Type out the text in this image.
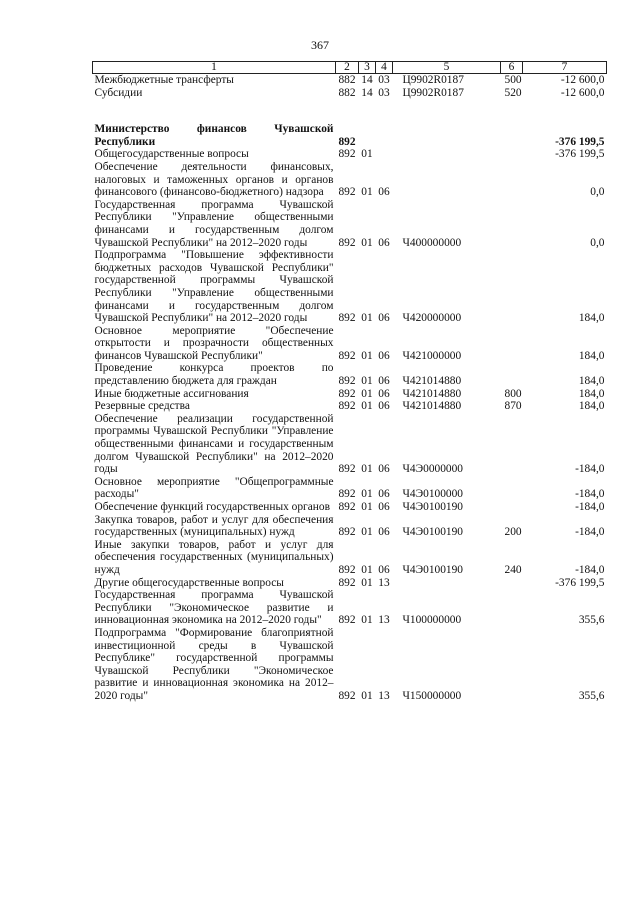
367
1	2	3	4	5	6	7
Межбюджетные трансферты	882	14	03	Ц9902R0187	500	-12 600,0
Субсидии	882	14	03	Ц9902R0187	520	-12 600,0

Министерство финансов Чувашской Республики	892					-376 199,5
Общегосударственные вопросы	892	01				-376 199,5
Обеспечение деятельности финансовых, налоговых и таможенных органов и органов финансового (финансово-бюджетного) надзора	892	01	06			0,0
Государственная программа Чувашской Республики "Управление общественными финансами и государственным долгом Чувашской Республики" на 2012–2020 годы	892	01	06	Ч400000000		0,0
Подпрограмма "Повышение эффективности бюджетных расходов Чувашской Республики" государственной программы Чувашской Республики "Управление общественными финансами и государственным долгом Чувашской Республики" на 2012–2020 годы	892	01	06	Ч420000000		184,0
Основное мероприятие "Обеспечение открытости и прозрачности общественных финансов Чувашской Республики"	892	01	06	Ч421000000		184,0
Проведение конкурса проектов по представлению бюджета для граждан	892	01	06	Ч421014880		184,0
Иные бюджетные ассигнования	892	01	06	Ч421014880	800	184,0
Резервные средства	892	01	06	Ч421014880	870	184,0
Обеспечение реализации государственной программы Чувашской Республики "Управление общественными финансами и государственным долгом Чувашской Республики" на 2012–2020 годы	892	01	06	Ч4Э0000000		-184,0
Основное мероприятие "Общепрограммные расходы"	892	01	06	Ч4Э0100000		-184,0
Обеспечение функций государственных органов	892	01	06	Ч4Э0100190		-184,0
Закупка товаров, работ и услуг для обеспечения государственных (муниципальных) нужд	892	01	06	Ч4Э0100190	200	-184,0
Иные закупки товаров, работ и услуг для обеспечения государственных (муниципальных) нужд	892	01	06	Ч4Э0100190	240	-184,0
Другие общегосударственные вопросы	892	01	13			-376 199,5
Государственная программа Чувашской Республики "Экономическое развитие и инновационная экономика на 2012–2020 годы"	892	01	13	Ч100000000		355,6
Подпрограмма "Формирование благоприятной инвестиционной среды в Чувашской Республике" государственной программы Чувашской Республики "Экономическое развитие и инновационная экономика на 2012–2020 годы"	892	01	13	Ч150000000		355,6
